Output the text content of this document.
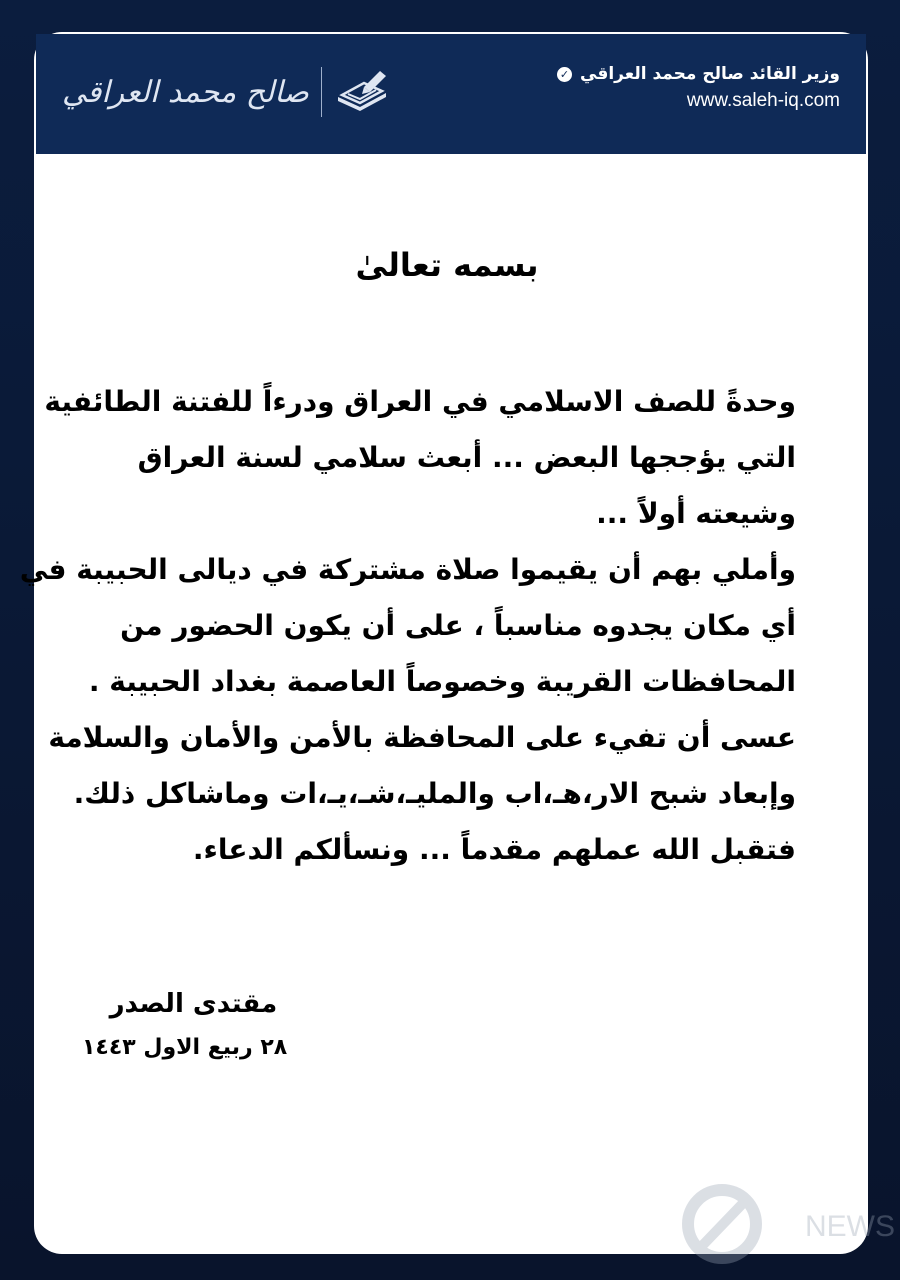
وزير القائد صالح محمد العراقي
✓
www.saleh-iq.com
صالح محمد العراقي
بسمه تعالىٰ
وحدةً للصف الاسلامي في العراق ودرءاً للفتنة الطائفية
التي يؤججها البعض ... أبعث سلامي لسنة العراق
وشيعته أولاً ...
وأملي بهم أن يقيموا صلاة مشتركة في ديالى الحبيبة في
أي مكان يجدوه مناسباً ، على أن يكون الحضور من
المحافظات القريبة وخصوصاً العاصمة بغداد الحبيبة .
عسى أن تفيء على المحافظة بالأمن والأمان والسلامة
وإبعاد شبح الار،هـ،اب والمليـ،شـ،يـ،ات وماشاكل ذلك.
فتقبل الله عملهم مقدماً ... ونسألكم الدعاء.
مقتدى الصدر
٢٨ ربيع الاول ١٤٤٣
NEWS
